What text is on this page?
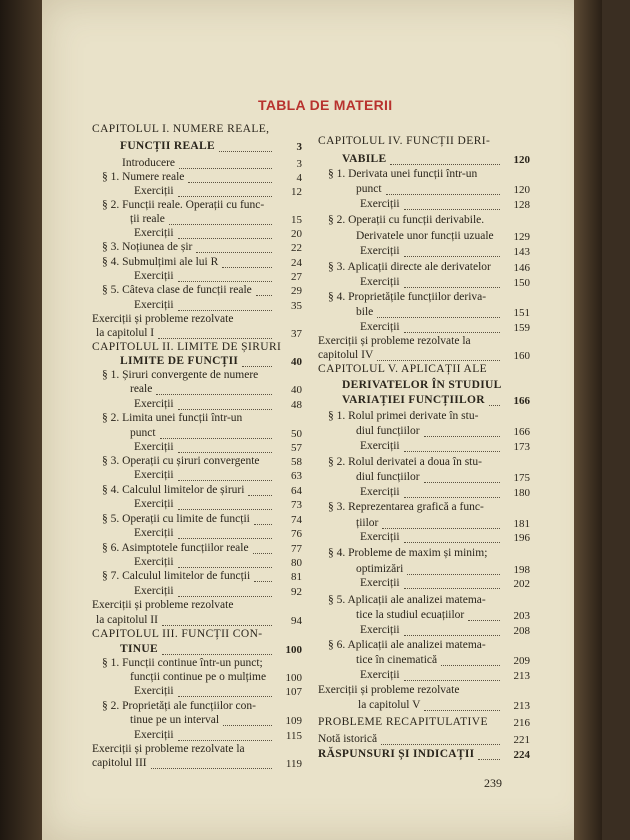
TABLA DE MATERII
CAPITOLUL I. NUMERE REALE,
FUNCȚII REALE	3
Introducere	3
§ 1. Numere reale	4
Exerciții	12
§ 2. Funcții reale. Operații cu func-
ții reale	15
Exerciții	20
§ 3. Noțiunea de șir	22
§ 4. Submulțimi ale lui R	24
Exerciții	27
§ 5. Câteva clase de funcții reale	29
Exerciții	35
Exerciții și probleme rezolvate
la capitolul I	37
CAPITOLUL II. LIMITE DE ȘIRURI
LIMITE DE FUNCȚII	40
§ 1. Șiruri convergente de numere
reale	40
Exerciții	48
§ 2. Limita unei funcții într-un
punct	50
Exerciții	57
§ 3. Operații cu șiruri convergente	58
Exerciții	63
§ 4. Calculul limitelor de șiruri	64
Exerciții	73
§ 5. Operații cu limite de funcții	74
Exerciții	76
§ 6. Asimptotele funcțiilor reale	77
Exerciții	80
§ 7. Calculul limitelor de funcții	81
Exerciții	92
Exerciții și probleme rezolvate
la capitolul II	94
CAPITOLUL III. FUNCȚII CON-
TINUE	100
§ 1. Funcții continue într-un punct;
funcții continue pe o mulțime	100
Exerciții	107
§ 2. Proprietăți ale funcțiilor con-
tinue pe un interval	109
Exerciții	115
Exerciții și probleme rezolvate la
capitolul III	119
CAPITOLUL IV. FUNCȚII DERI-
VABILE	120
§ 1. Derivata unei funcții într-un
punct	120
Exerciții	128
§ 2. Operații cu funcții derivabile.
Derivatele unor funcții uzuale	129
Exerciții	143
§ 3. Aplicații directe ale derivatelor	146
Exerciții	150
§ 4. Proprietățile funcțiilor deriva-
bile	151
Exerciții	159
Exerciții și probleme rezolvate la
capitolul IV	160
CAPITOLUL V. APLICAȚII ALE
DERIVATELOR ÎN STUDIUL
VARIAȚIEI FUNCȚIILOR	166
§ 1. Rolul primei derivate în stu-
diul funcțiilor	166
Exerciții	173
§ 2. Rolul derivatei a doua în stu-
diul funcțiilor	175
Exerciții	180
§ 3. Reprezentarea grafică a func-
țiilor	181
Exerciții	196
§ 4. Probleme de maxim și minim;
optimizări	198
Exerciții	202
§ 5. Aplicații ale analizei matema-
tice la studiul ecuațiilor	203
Exerciții	208
§ 6. Aplicații ale analizei matema-
tice în cinematică	209
Exerciții	213
Exerciții și probleme rezolvate
la capitolul V	213
PROBLEME RECAPITULATIVE	216
Notă istorică	221
RĂSPUNSURI ȘI INDICAȚII	224
239
